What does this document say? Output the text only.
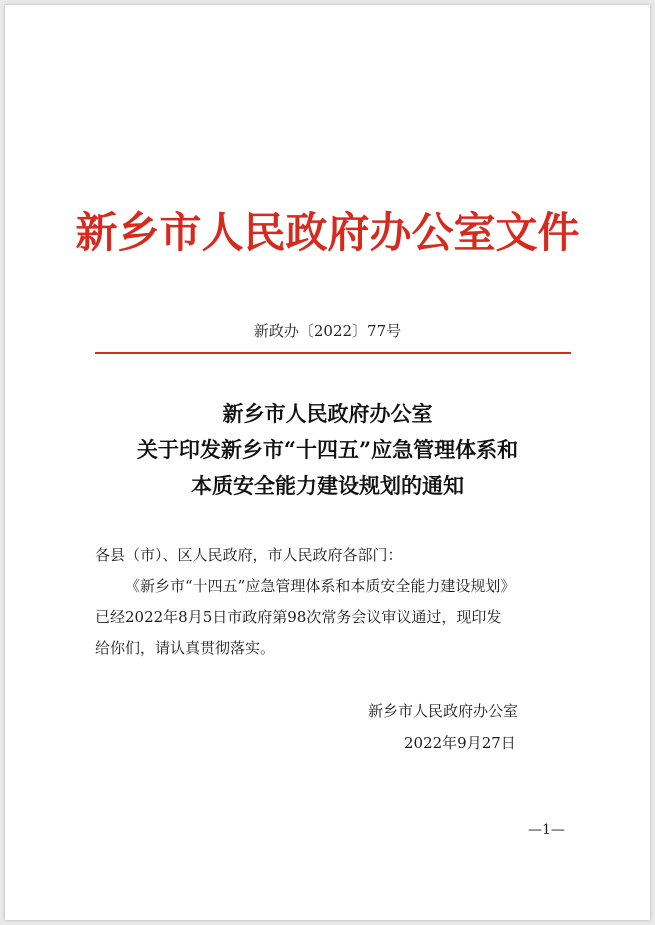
新乡市人民政府办公室文件
新政办〔2022〕77号
新乡市人民政府办公室
关于印发新乡市“十四五”应急管理体系和
本质安全能力建设规划的通知
各县（市）、区人民政府，市人民政府各部门：
《新乡市“十四五”应急管理体系和本质安全能力建设规划》
已经2022年8月5日市政府第98次常务会议审议通过，现印发
给你们，请认真贯彻落实。
新乡市人民政府办公室
2022年9月27日
—1—
